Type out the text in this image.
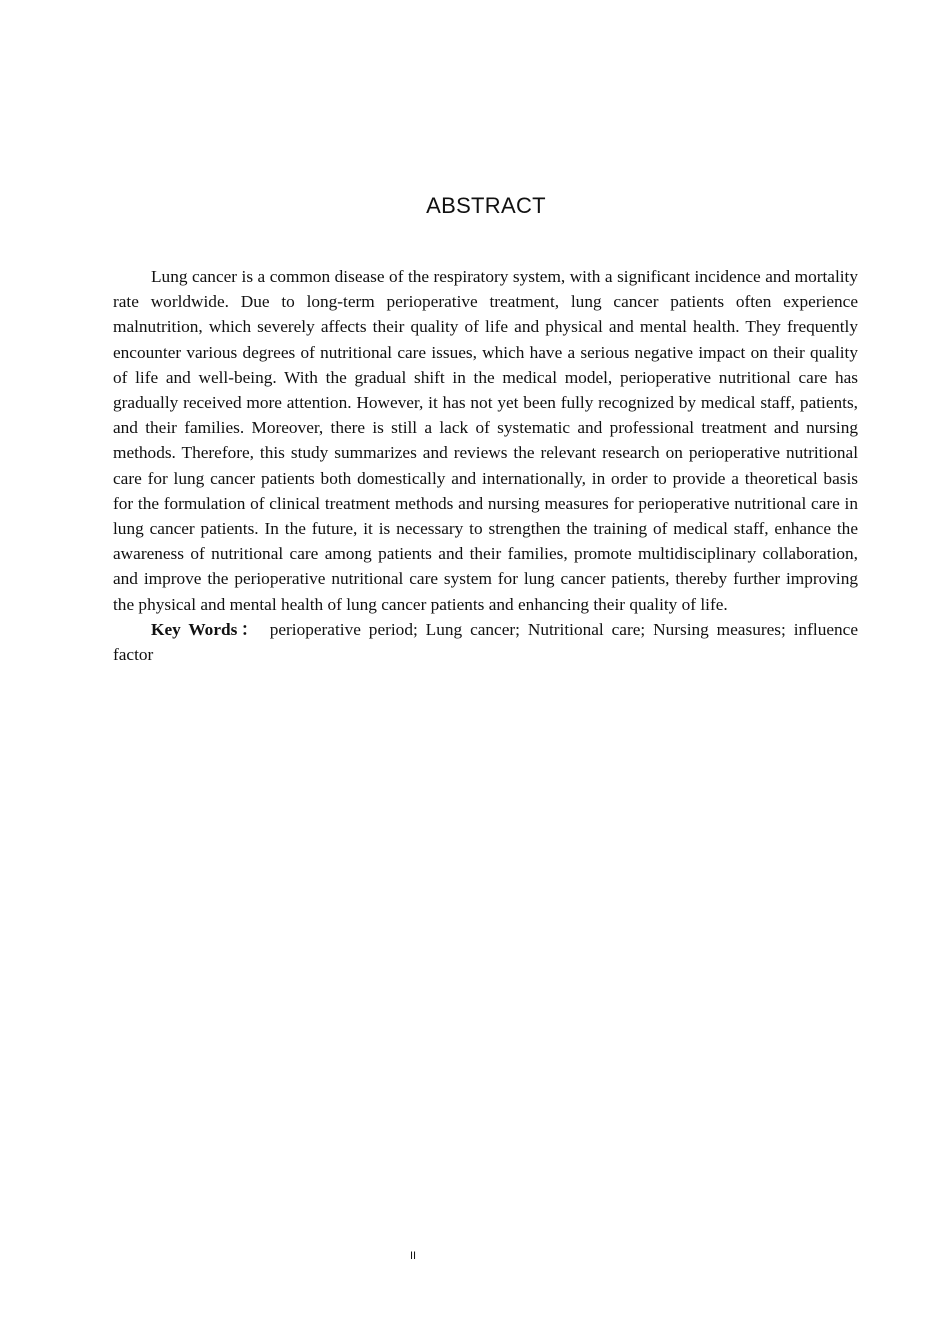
ABSTRACT

Lung cancer is a common disease of the respiratory system, with a significant incidence and mortality rate worldwide. Due to long-term perioperative treatment, lung cancer patients often experience malnutrition, which severely affects their quality of life and physical and mental health. They frequently encounter various degrees of nutritional care issues, which have a serious negative impact on their quality of life and well-being. With the gradual shift in the medical model, perioperative nutritional care has gradually received more attention. However, it has not yet been fully recognized by medical staff, patients, and their families. Moreover, there is still a lack of systematic and professional treatment and nursing methods. Therefore, this study summarizes and reviews the relevant research on perioperative nutritional care for lung cancer patients both domestically and internationally, in order to provide a theoretical basis for the formulation of clinical treatment methods and nursing measures for perioperative nutritional care in lung cancer patients. In the future, it is necessary to strengthen the training of medical staff, enhance the awareness of nutritional care among patients and their families, promote multidisciplinary collaboration, and improve the perioperative nutritional care system for lung cancer patients, thereby further improving the physical and mental health of lung cancer patients and enhancing their quality of life.

Key Words： perioperative period; Lung cancer; Nutritional care; Nursing measures; influence factor

II
